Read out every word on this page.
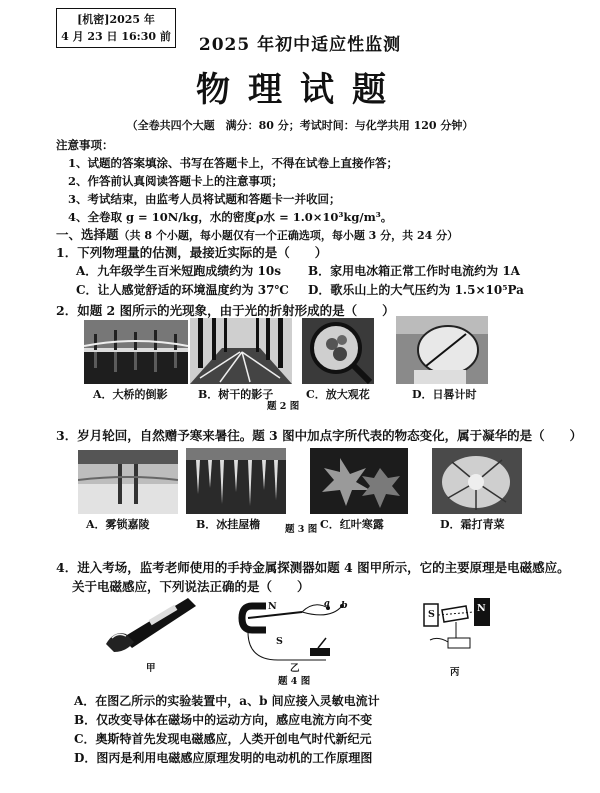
[机密]2025 年
4 月 23 日 16:30 前	2025 年初中适应性监测
物理试题
（全卷共四个大题　满分：80 分；考试时间：与化学共用 120 分钟）
注意事项：
1、试题的答案填涂、书写在答题卡上，不得在试卷上直接作答；
2、作答前认真阅读答题卡上的注意事项；
3、考试结束，由监考人员将试题和答题卡一并收回；
4、全卷取 g = 10N/kg，水的密度ρ水 = 1.0×10³kg/m³。
一、选择题（共 8 个小题，每小题仅有一个正确选项，每小题 3 分，共 24 分）
1．下列物理量的估测，最接近实际的是（　　）
A．九年级学生百米短跑成绩约为 10s B．家用电冰箱正常工作时电流约为 1A
C．让人感觉舒适的环境温度约为 37℃ D．歌乐山上的大气压约为 1.5×10⁵Pa
2．如题 2 图所示的光现象，由于光的折射形成的是（　　）
A．大桥的倒影	B．树干的影子	C．放大观花	D．日晷计时
题 2 图
3．岁月轮回，自然赠予寒来暑往。题 3 图中加点字所代表的物态变化，属于凝华的是（　　）
A．雾锁嘉陵	B．冰挂屋檐	题 3 图 C．红叶寒露	D．霜打青菜
4．进入考场，监考老师使用的手持金属探测器如题 4 图甲所示，它的主要原理是电磁感应。
关于电磁感应，下列说法正确的是（　　）
甲
N
S
a b
乙
题 4 图
S
N
丙
A．在图乙所示的实验装置中，a、b 间应接入灵敏电流计
B．仅改变导体在磁场中的运动方向，感应电流方向不变
C．奥斯特首先发现电磁感应，人类开创电气时代新纪元
D．图丙是利用电磁感应原理发明的电动机的工作原理图
